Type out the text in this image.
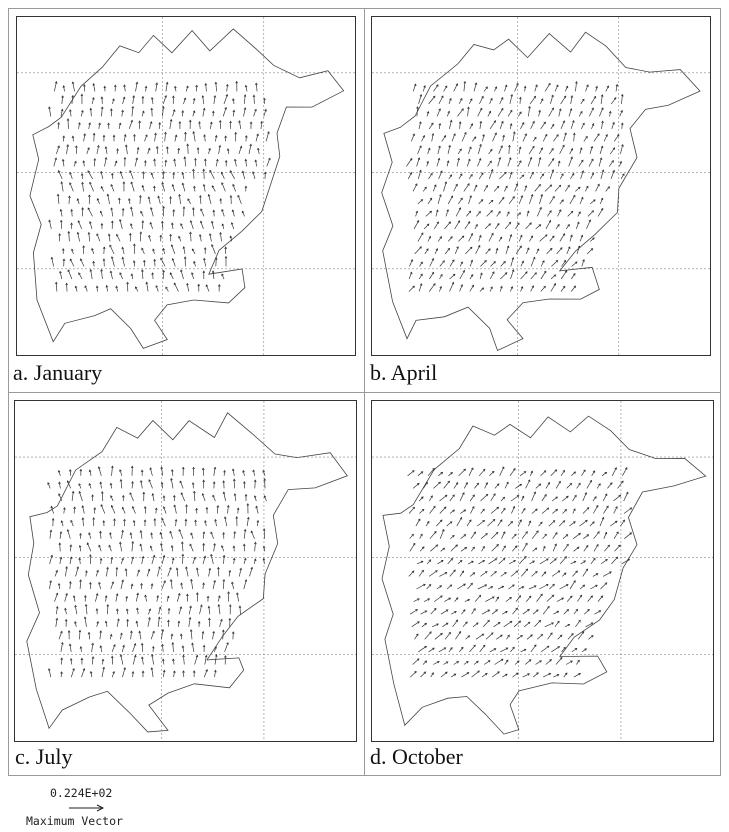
a. January	b. April
c. July	d. October
0.224E+02
Maximum Vector
